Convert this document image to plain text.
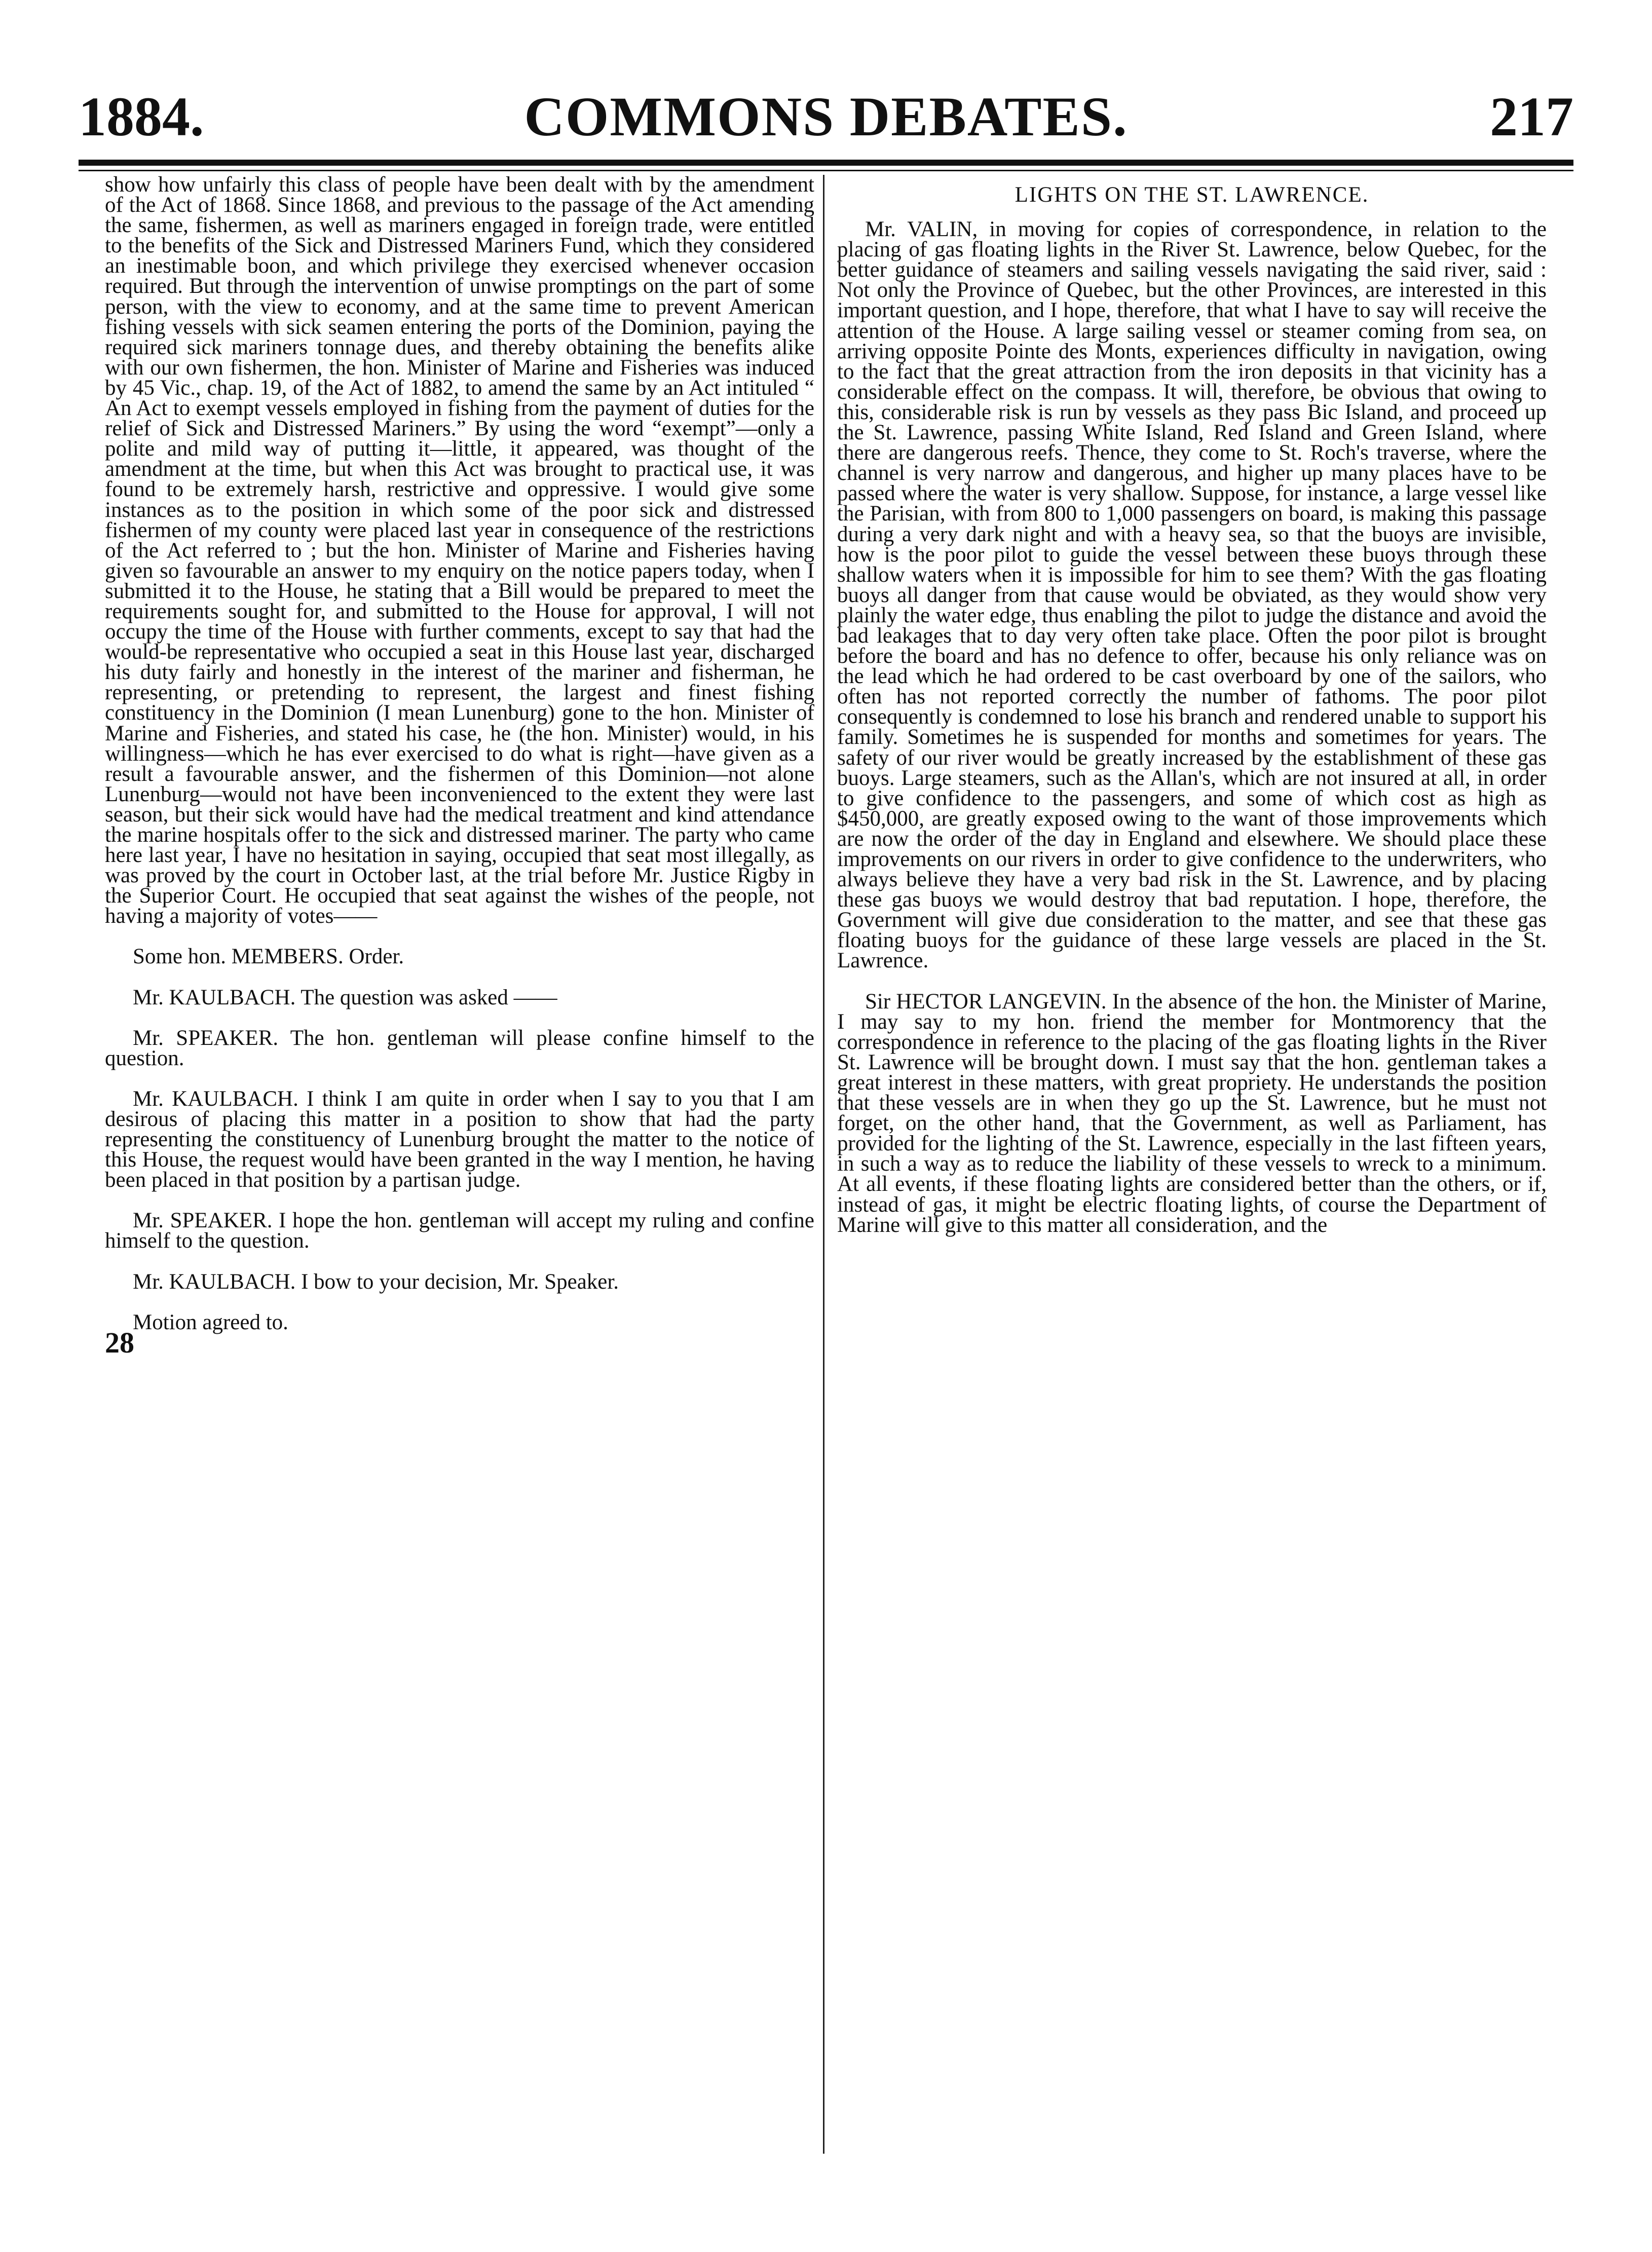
1884.	COMMONS DEBATES.	217

show how unfairly this class of people have been dealt with by the amendment of the Act of 1868. Since 1868, and previous to the passage of the Act amending the same, fishermen, as well as mariners engaged in foreign trade, were entitled to the benefits of the Sick and Distressed Mariners Fund, which they considered an inestimable boon, and which privilege they exercised whenever occasion required. But through the intervention of unwise promptings on the part of some person, with the view to economy, and at the same time to prevent American fishing vessels with sick seamen entering the ports of the Dominion, paying the required sick mariners tonnage dues, and thereby obtaining the benefits alike with our own fishermen, the hon. Minister of Marine and Fisheries was induced by 45 Vic., chap. 19, of the Act of 1882, to amend the same by an Act intituled “ An Act to exempt vessels employed in fishing from the payment of duties for the relief of Sick and Distressed Mariners.” By using the word “exempt”—only a polite and mild way of putting it—little, it appeared, was thought of the amendment at the time, but when this Act was brought to practical use, it was found to be extremely harsh, restrictive and oppressive. I would give some instances as to the position in which some of the poor sick and distressed fishermen of my county were placed last year in consequence of the restrictions of the Act referred to ; but the hon. Minister of Marine and Fisheries having given so favourable an answer to my enquiry on the notice papers today, when I submitted it to the House, he stating that a Bill would be prepared to meet the requirements sought for, and submitted to the House for approval, I will not occupy the time of the House with further comments, except to say that had the would-be representative who occupied a seat in this House last year, discharged his duty fairly and honestly in the interest of the mariner and fisherman, he representing, or pretending to represent, the largest and finest fishing constituency in the Dominion (I mean Lunenburg) gone to the hon. Minister of Marine and Fisheries, and stated his case, he (the hon. Minister) would, in his willingness—which he has ever exercised to do what is right—have given as a result a favourable answer, and the fishermen of this Dominion—not alone Lunenburg—would not have been inconvenienced to the extent they were last season, but their sick would have had the medical treatment and kind attendance the marine hospitals offer to the sick and distressed mariner. The party who came here last year, I have no hesitation in saying, occupied that seat most illegally, as was proved by the court in October last, at the trial before Mr. Justice Rigby in the Superior Court. He occupied that seat against the wishes of the people, not having a majority of votes——

Some hon. MEMBERS. Order.

Mr. KAULBACH. The question was asked ——

Mr. SPEAKER. The hon. gentleman will please confine himself to the question.

Mr. KAULBACH. I think I am quite in order when I say to you that I am desirous of placing this matter in a position to show that had the party representing the constituency of Lunenburg brought the matter to the notice of this House, the request would have been granted in the way I mention, he having been placed in that position by a partisan judge.

Mr. SPEAKER. I hope the hon. gentleman will accept my ruling and confine himself to the question.

Mr. KAULBACH. I bow to your decision, Mr. Speaker.

Motion agreed to.

28

LIGHTS ON THE ST. LAWRENCE.

Mr. VALIN, in moving for copies of correspondence, in relation to the placing of gas floating lights in the River St. Lawrence, below Quebec, for the better guidance of steamers and sailing vessels navigating the said river, said : Not only the Province of Quebec, but the other Provinces, are interested in this important question, and I hope, therefore, that what I have to say will receive the attention of the House. A large sailing vessel or steamer coming from sea, on arriving opposite Pointe des Monts, experiences difficulty in navigation, owing to the fact that the great attraction from the iron deposits in that vicinity has a considerable effect on the compass. It will, therefore, be obvious that owing to this, considerable risk is run by vessels as they pass Bic Island, and proceed up the St. Lawrence, passing White Island, Red Island and Green Island, where there are dangerous reefs. Thence, they come to St. Roch's traverse, where the channel is very narrow and dangerous, and higher up many places have to be passed where the water is very shallow. Suppose, for instance, a large vessel like the Parisian, with from 800 to 1,000 passengers on board, is making this passage during a very dark night and with a heavy sea, so that the buoys are invisible, how is the poor pilot to guide the vessel between these buoys through these shallow waters when it is impossible for him to see them? With the gas floating buoys all danger from that cause would be obviated, as they would show very plainly the water edge, thus enabling the pilot to judge the distance and avoid the bad leakages that to day very often take place. Often the poor pilot is brought before the board and has no defence to offer, because his only reliance was on the lead which he had ordered to be cast overboard by one of the sailors, who often has not reported correctly the number of fathoms. The poor pilot consequently is condemned to lose his branch and rendered unable to support his family. Sometimes he is suspended for months and sometimes for years. The safety of our river would be greatly increased by the establishment of these gas buoys. Large steamers, such as the Allan's, which are not insured at all, in order to give confidence to the passengers, and some of which cost as high as $450,000, are greatly exposed owing to the want of those improvements which are now the order of the day in England and elsewhere. We should place these improvements on our rivers in order to give confidence to the underwriters, who always believe they have a very bad risk in the St. Lawrence, and by placing these gas buoys we would destroy that bad reputation. I hope, therefore, the Government will give due consideration to the matter, and see that these gas floating buoys for the guidance of these large vessels are placed in the St. Lawrence.

Sir HECTOR LANGEVIN. In the absence of the hon. the Minister of Marine, I may say to my hon. friend the member for Montmorency that the correspondence in reference to the placing of the gas floating lights in the River St. Lawrence will be brought down. I must say that the hon. gentleman takes a great interest in these matters, with great propriety. He understands the position that these vessels are in when they go up the St. Lawrence, but he must not forget, on the other hand, that the Government, as well as Parliament, has provided for the lighting of the St. Lawrence, especially in the last fifteen years, in such a way as to reduce the liability of these vessels to wreck to a minimum. At all events, if these floating lights are considered better than the others, or if, instead of gas, it might be electric floating lights, of course the Department of Marine will give to this matter all consideration, and the
